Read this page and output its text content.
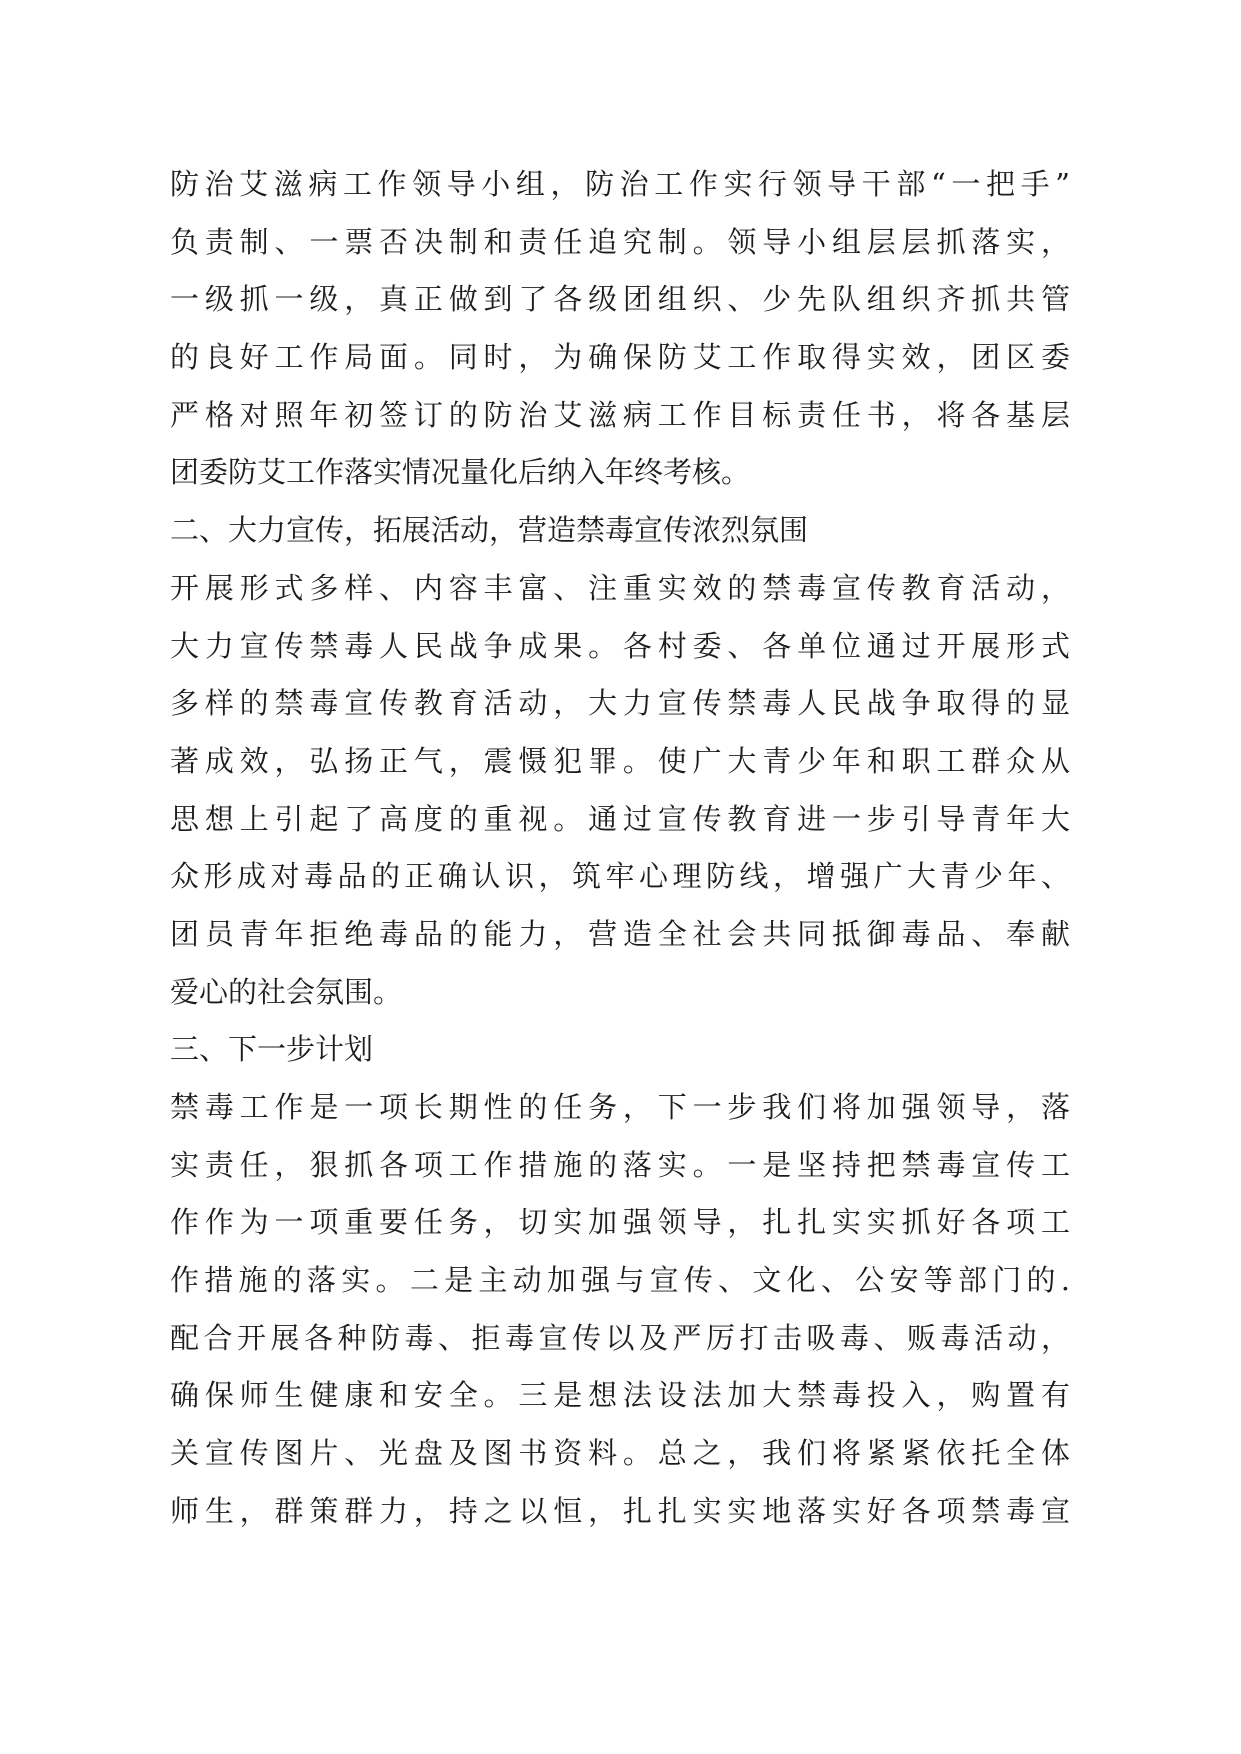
防治艾滋病工作领导小组，防治工作实行领导干部“一把手”
负责制、一票否决制和责任追究制。领导小组层层抓落实，
一级抓一级，真正做到了各级团组织、少先队组织齐抓共管
的良好工作局面。同时，为确保防艾工作取得实效，团区委
严格对照年初签订的防治艾滋病工作目标责任书，将各基层
团委防艾工作落实情况量化后纳入年终考核。
二、大力宣传，拓展活动，营造禁毒宣传浓烈氛围
开展形式多样、内容丰富、注重实效的禁毒宣传教育活动，
大力宣传禁毒人民战争成果。各村委、各单位通过开展形式
多样的禁毒宣传教育活动，大力宣传禁毒人民战争取得的显
著成效，弘扬正气，震慑犯罪。使广大青少年和职工群众从
思想上引起了高度的重视。通过宣传教育进一步引导青年大
众形成对毒品的正确认识，筑牢心理防线，增强广大青少年、
团员青年拒绝毒品的能力，营造全社会共同抵御毒品、奉献
爱心的社会氛围。
三、下一步计划
禁毒工作是一项长期性的任务，下一步我们将加强领导，落
实责任，狠抓各项工作措施的落实。一是坚持把禁毒宣传工
作作为一项重要任务，切实加强领导，扎扎实实抓好各项工
作措施的落实。二是主动加强与宣传、文化、公安等部门的.
配合开展各种防毒、拒毒宣传以及严厉打击吸毒、贩毒活动，
确保师生健康和安全。三是想法设法加大禁毒投入，购置有
关宣传图片、光盘及图书资料。总之，我们将紧紧依托全体
师生，群策群力，持之以恒，扎扎实实地落实好各项禁毒宣
